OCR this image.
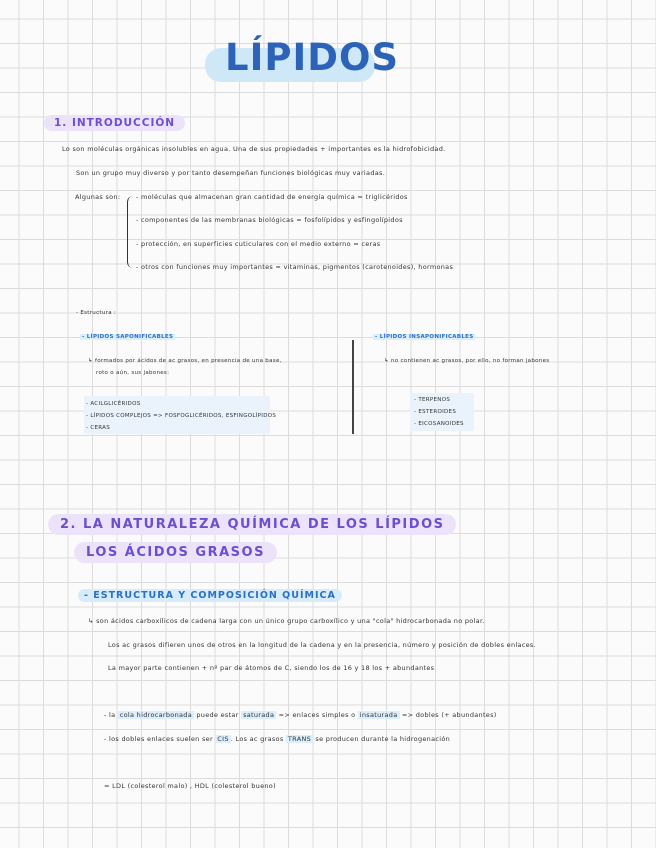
LÍPIDOS
1. INTRODUCCIÓN
Lo son moléculas orgánicas insolubles en agua. Una de sus propiedades + importantes es la hidrofobicidad.
Son un grupo muy diverso y por tanto desempeñan funciones biológicas muy variadas.
Algunas son: - moléculas que almacenan gran cantidad de energía química = triglicéridos
- componentes de las membranas biológicas = fosfolípidos y esfingolípidos
- protección, en superficies cuticulares con el medio externo = ceras
- otros con funciones muy importantes = vitaminas, pigmentos (carotenoides), hormonas
- Estructura :
- LÍPIDOS SAPONIFICABLES
↳ formados por ácidos de ac grasos, en presencia de una base,
roto o aún, sus jabones:
- ACILGLICÉRIDOS
- LÍPIDOS COMPLEJOS => FOSFOGLICÉRIDOS, ESFINGOLÍPIDOS
- CERAS
- LÍPIDOS INSAPONIFICABLES
↳ no contienen ac grasos, por ello, no forman jabones
- TERPENOS
- ESTEROIDES
- EICOSANOIDES
2. LA NATURALEZA QUÍMICA DE LOS LÍPIDOS
LOS ÁCIDOS GRASOS
- ESTRUCTURA Y COMPOSICIÓN QUÍMICA
↳ son ácidos carboxílicos de cadena larga con un único grupo carboxílico y una "cola" hidrocarbonada no polar.
Los ac grasos difieren unos de otros en la longitud de la cadena y en la presencia, número y posición de dobles enlaces.
La mayor parte contienen + nº par de átomos de C, siendo los de 16 y 18 los + abundantes
- la cola hidrocarbonada puede estar saturada => enlaces simples o insaturada => dobles (+ abundantes)
- los dobles enlaces suelen ser CIS . Los ac grasos TRANS se producen durante la hidrogenación
= LDL (colesterol malo) , HDL (colesterol bueno)
